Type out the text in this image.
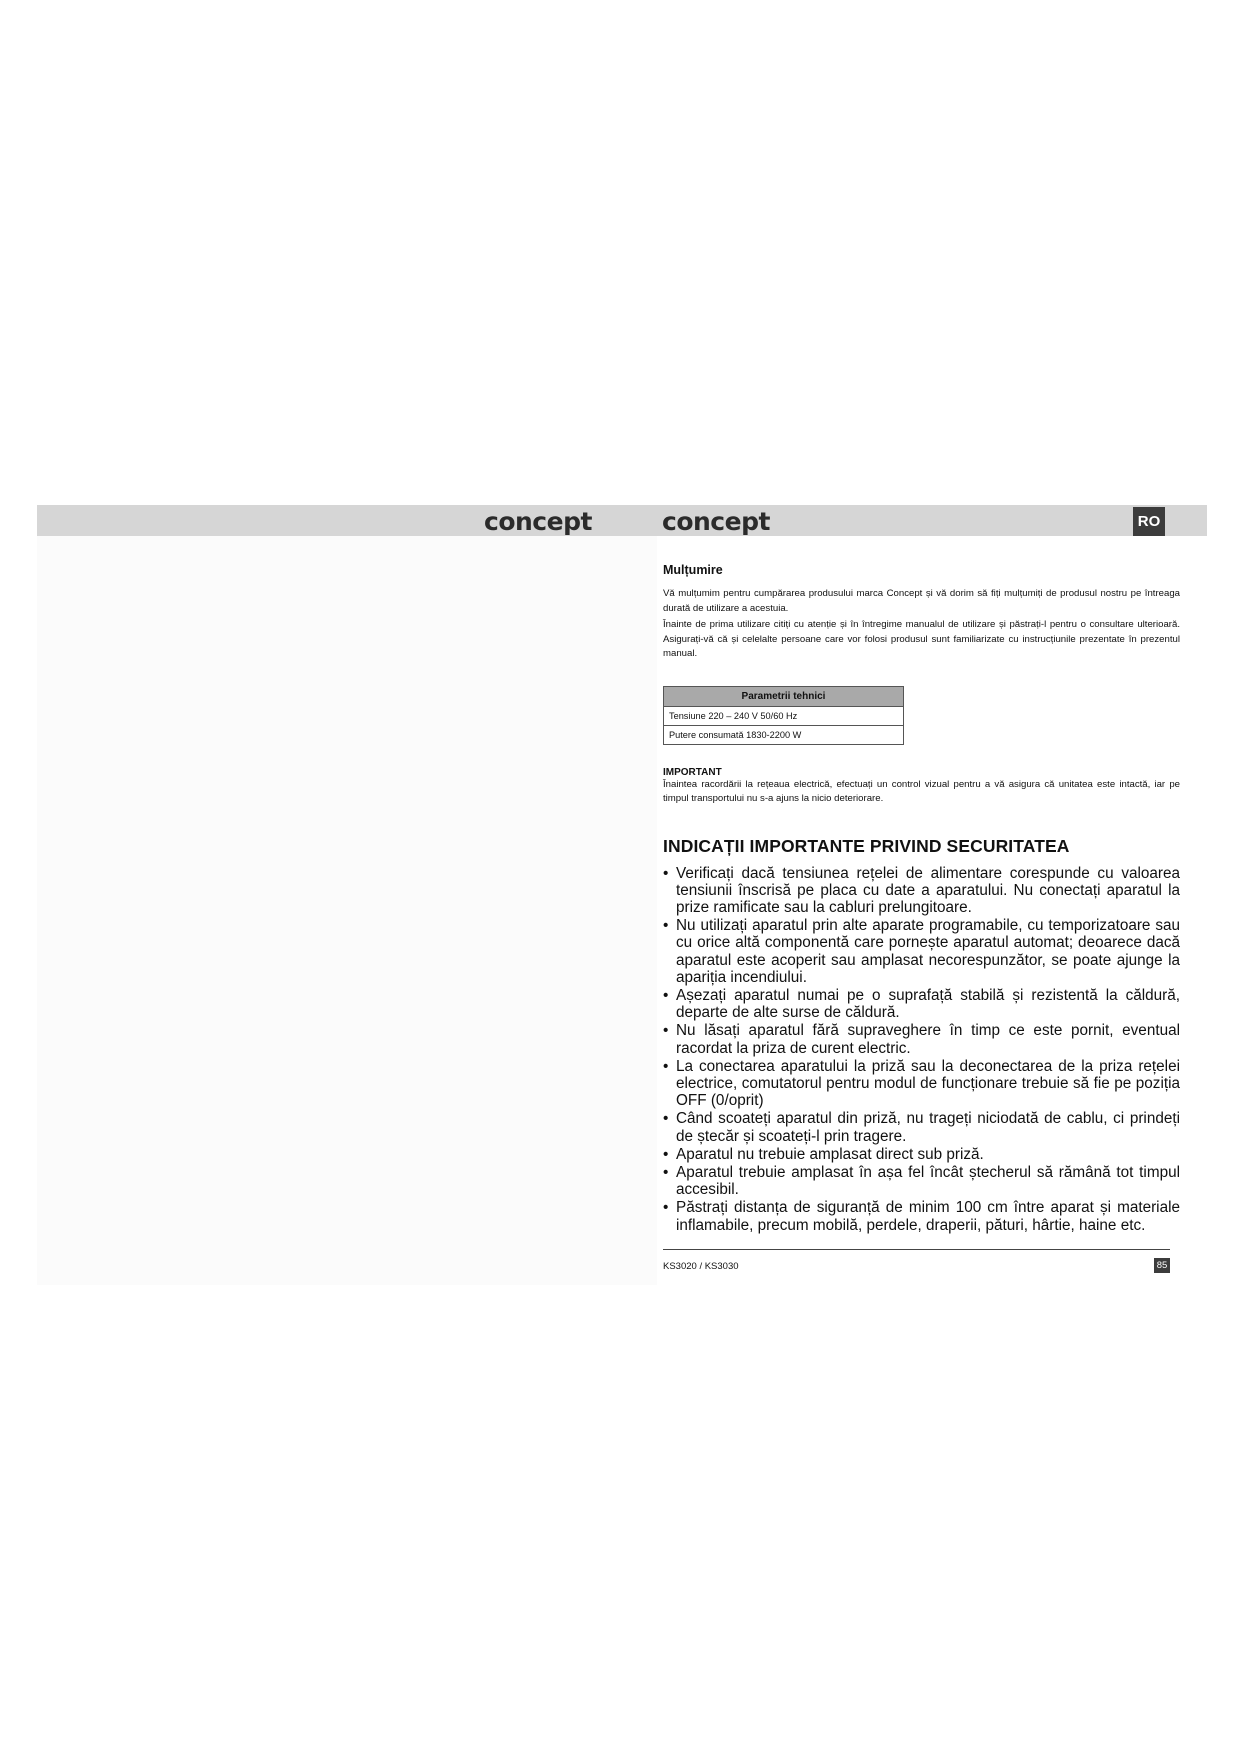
concept	concept	RO
Mulțumire

Vă mulțumim pentru cumpărarea produsului marca Concept și vă dorim să fiți mulțumiți de produsul nostru pe întreaga durată de utilizare a acestuia.

Înainte de prima utilizare citiți cu atenție și în întregime manualul de utilizare și păstrați-l pentru o consultare ulterioară. Asigurați-vă că și celelalte persoane care vor folosi produsul sunt familiarizate cu instrucțiunile prezentate în prezentul manual.

Parametrii tehnici
Tensiune 220 – 240 V 50/60 Hz
Putere consumată 1830-2200 W
IMPORTANT

Înaintea racordării la rețeaua electrică, efectuați un control vizual pentru a vă asigura că unitatea este intactă, iar pe timpul transportului nu s-a ajuns la nicio deteriorare.

INDICAȚII IMPORTANTE PRIVIND SECURITATEA
• Verificați dacă tensiunea rețelei de alimentare corespunde cu valoarea tensiunii înscrisă pe placa cu date a aparatului. Nu conectați aparatul la prize ramificate sau la cabluri prelungitoare.
• Nu utilizați aparatul prin alte aparate programabile, cu temporizatoare sau cu orice altă componentă care pornește aparatul automat; deoarece dacă aparatul este acoperit sau amplasat necorespunzător, se poate ajunge la apariția incendiului.
• Așezați aparatul numai pe o suprafață stabilă și rezistentă la căldură, departe de alte surse de căldură.
• Nu lăsați aparatul fără supraveghere în timp ce este pornit, eventual racordat la priza de curent electric.
• La conectarea aparatului la priză sau la deconectarea de la priza rețelei electrice, comutatorul pentru modul de funcționare trebuie să fie pe poziția OFF (0/oprit)
• Când scoateți aparatul din priză, nu trageți niciodată de cablu, ci prindeți de ștecăr și scoateți-l prin tragere.
• Aparatul nu trebuie amplasat direct sub priză.
• Aparatul trebuie amplasat în așa fel încât ștecherul să rămână tot timpul accesibil.
• Păstrați distanța de siguranță de minim 100 cm între aparat și materiale inflamabile, precum mobilă, perdele, draperii, pături, hârtie, haine etc.
KS3020 / KS3030	85
